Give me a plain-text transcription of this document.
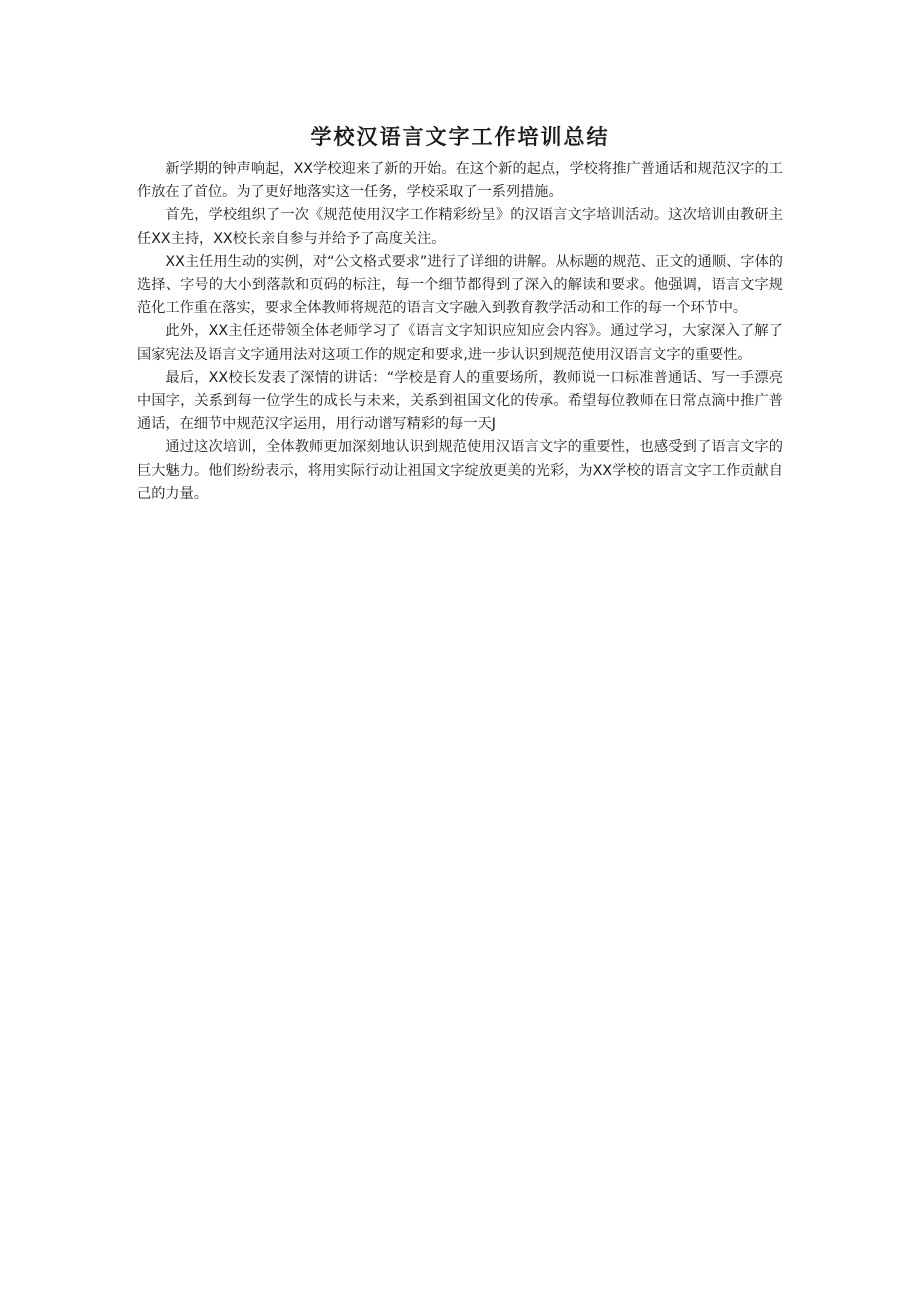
学校汉语言文字工作培训总结

新学期的钟声响起，XX学校迎来了新的开始。在这个新的起点，学校将推广普通话和规范汉字的工作放在了首位。为了更好地落实这一任务，学校采取了一系列措施。

首先，学校组织了一次《规范使用汉字工作精彩纷呈》的汉语言文字培训活动。这次培训由教研主任XX主持，XX校长亲自参与并给予了高度关注。

XX主任用生动的实例，对“公文格式要求”进行了详细的讲解。从标题的规范、正文的通顺、字体的选择、字号的大小到落款和页码的标注，每一个细节都得到了深入的解读和要求。他强调，语言文字规范化工作重在落实，要求全体教师将规范的语言文字融入到教育教学活动和工作的每一个环节中。

此外，XX主任还带领全体老师学习了《语言文字知识应知应会内容》。通过学习，大家深入了解了国家宪法及语言文字通用法对这项工作的规定和要求,进一步认识到规范使用汉语言文字的重要性。

最后，XX校长发表了深情的讲话：“学校是育人的重要场所，教师说一口标准普通话、写一手漂亮中国字，关系到每一位学生的成长与未来，关系到祖国文化的传承。希望每位教师在日常点滴中推广普通话，在细节中规范汉字运用，用行动谱写精彩的每一天J

通过这次培训，全体教师更加深刻地认识到规范使用汉语言文字的重要性，也感受到了语言文字的巨大魅力。他们纷纷表示，将用实际行动让祖国文字绽放更美的光彩，为XX学校的语言文字工作贡献自己的力量。
